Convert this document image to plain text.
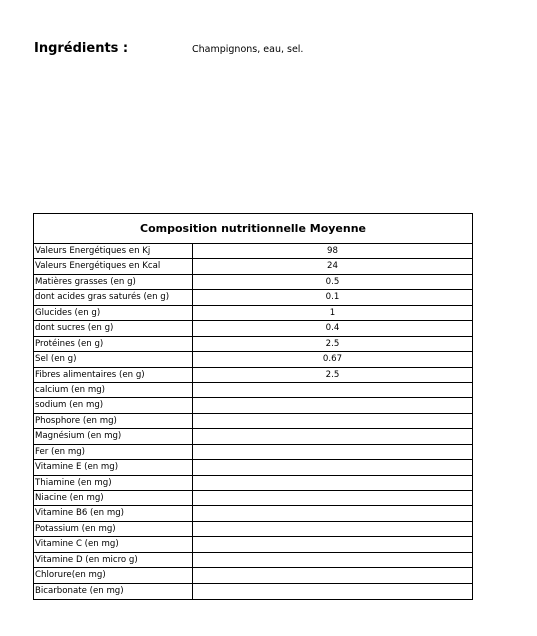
Ingrédients :	Champignons, eau, sel.
Composition nutritionnelle Moyenne
Valeurs Energétiques en Kj	98
Valeurs Energétiques en Kcal	24
Matières grasses (en g)	0.5
dont acides gras saturés (en g)	0.1
Glucides (en g)	1
dont sucres (en g)	0.4
Protéines (en g)	2.5
Sel (en g)	0.67
Fibres alimentaires (en g)	2.5
calcium (en mg)
sodium (en mg)
Phosphore (en mg)
Magnésium (en mg)
Fer (en mg)
Vitamine E (en mg)
Thiamine (en mg)
Niacine (en mg)
Vitamine B6 (en mg)
Potassium (en mg)
Vitamine C (en mg)
Vitamine D (en micro g)
Chlorure(en mg)
Bicarbonate (en mg)
